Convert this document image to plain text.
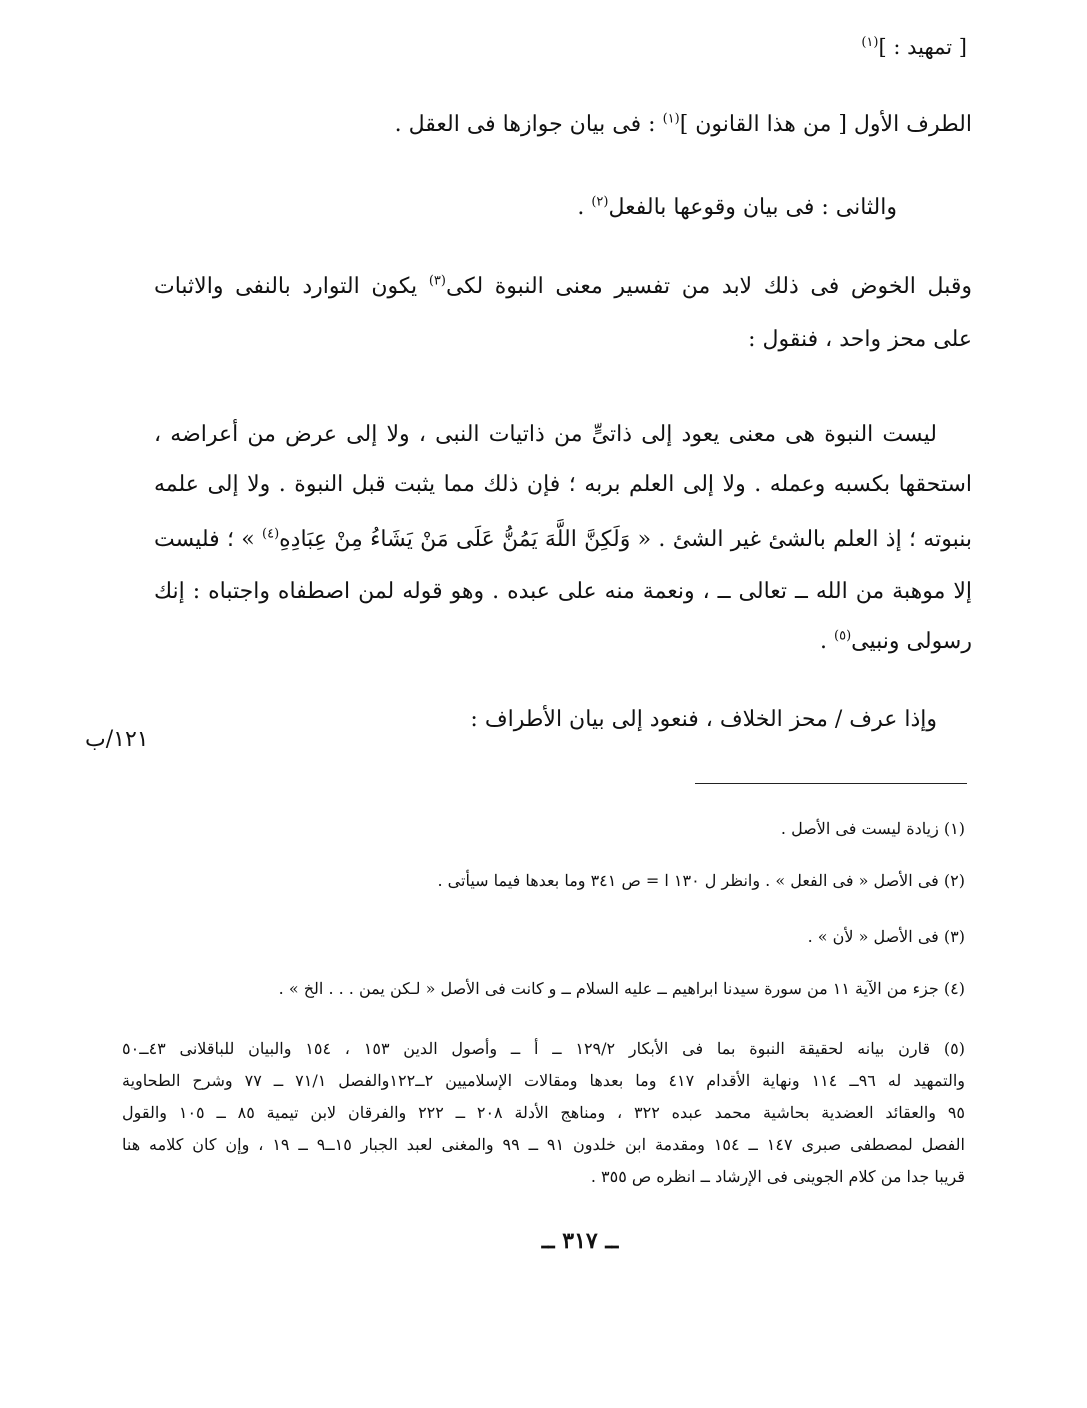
[ تمهيد : ]$^{(١)}$
الطرف الأول [ من هذا القانون ]$^{(١)}$ : فى بيان جوازها فى العقل .
والثانى : فى بيان وقوعها بالفعل$^{(٢)}$ .
وقبل الخوض فى ذلك لابد من تفسير معنى النبوة لكى$^{(٣)}$ يكون التوارد بالنفى والاثبات
على محز واحد ، فنقول :
ليست النبوة هى معنى يعود إلى ذاتىٍّ من ذاتيات النبى ، ولا إلى عرض من أعراضه ،
استحقها بكسبه وعمله . ولا إلى العلم بربه ؛ فإن ذلك مما يثبت قبل النبوة . ولا إلى علمه
بنبوته ؛ إذ العلم بالشئ غير الشئ . « وَلَكِنَّ اللَّهَ يَمُنُّ عَلَى مَنْ يَشَاءُ مِنْ عِبَادِهِ$^{(٤)}$ » ؛ فليست
إلا موهبة من الله ــ تعالى ــ ، ونعمة منه على عبده . وهو قوله لمن اصطفاه واجتباه : إنك
رسولى ونبيى$^{(٥)}$ .
وإذا عرف / محز الخلاف ، فنعود إلى بيان الأطراف :
١٢١/ب
(١) زيادة ليست فى الأصل .
(٢) فى الأصل « فى الفعل » . وانظر ل ١٣٠ ا = ص ٣٤١ وما بعدها فيما سيأتى .
(٣) فى الأصل « لأن » .
(٤) جزء من الآية ١١ من سورة سيدنا ابراهيم ــ عليه السلام ــ و كانت فى الأصل « لـكن يمن . . . الخ » .
(٥) قارن بيانه لحقيقة النبوة بما فى الأبكار ١٢٩/٢ ــ أ ــ وأصول الدين ١٥٣ ، ١٥٤ والبيان للباقلانى ٤٣ــ٥٠
والتمهيد له ٩٦ــ ١١٤ ونهاية الأقدام ٤١٧ وما بعدها ومقالات الإسلاميين ٢ــ١٢٢والفصل ٧١/١ ــ ٧٧ وشرح الطحاوية
٩٥ والعقائد العضدية بحاشية محمد عبده ٣٢٢ ، ومناهج الأدلة ٢٠٨ ــ ٢٢٢ والفرقان لابن تيمية ٨٥ ــ ١٠٥ والقول
الفصل لمصطفى صبرى ١٤٧ ــ ١٥٤ ومقدمة ابن خلدون ٩١ ــ ٩٩ والمغنى لعبد الجبار ١٥ــ٩ ــ ١٩ ، وإن كان كلامه هنا
قريبا جدا من كلام الجوينى فى الإرشاد ــ انظره ص ٣٥٥ .
ــ ٣١٧ ــ
